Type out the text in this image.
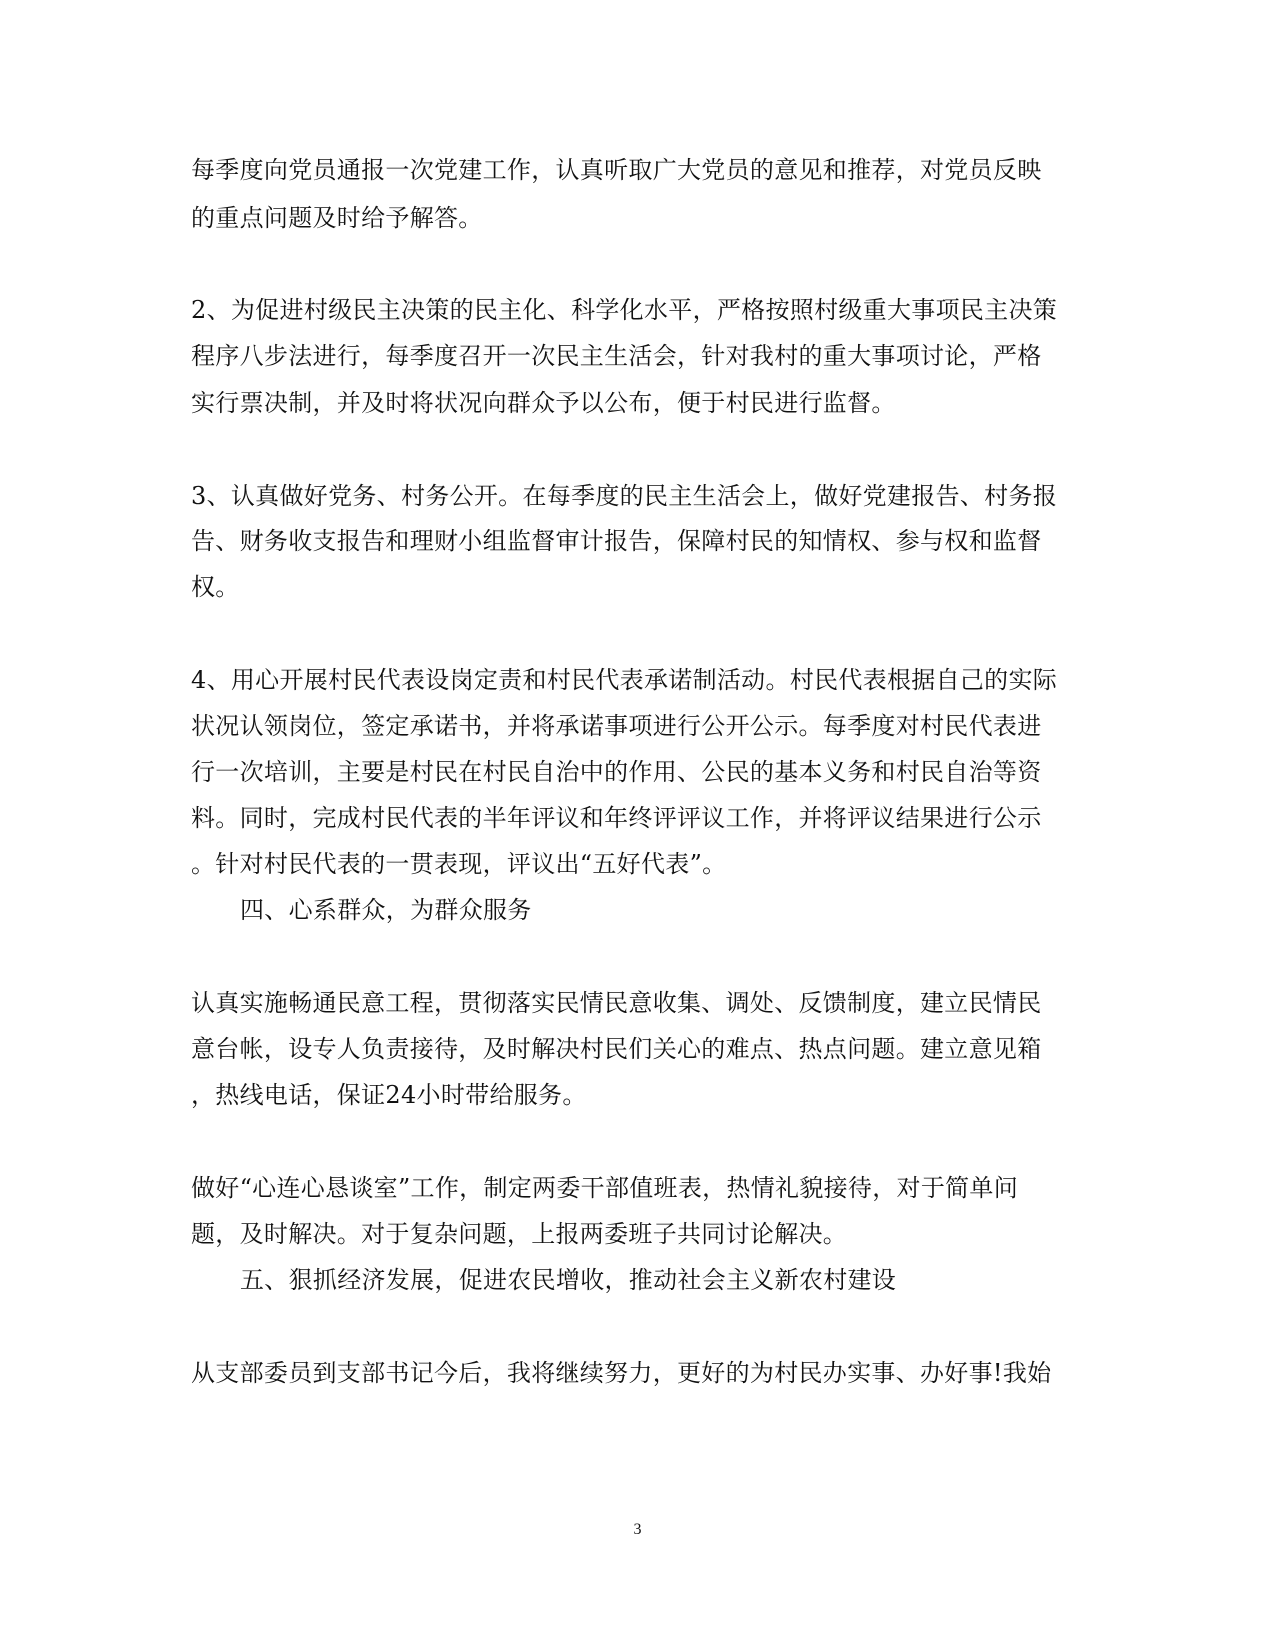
每季度向党员通报一次党建工作，认真听取广大党员的意见和推荐，对党员反映
的重点问题及时给予解答。
2、为促进村级民主决策的民主化、科学化水平，严格按照村级重大事项民主决策
程序八步法进行，每季度召开一次民主生活会，针对我村的重大事项讨论，严格
实行票决制，并及时将状况向群众予以公布，便于村民进行监督。
3、认真做好党务、村务公开。在每季度的民主生活会上，做好党建报告、村务报
告、财务收支报告和理财小组监督审计报告，保障村民的知情权、参与权和监督
权。
4、用心开展村民代表设岗定责和村民代表承诺制活动。村民代表根据自己的实际
状况认领岗位，签定承诺书，并将承诺事项进行公开公示。每季度对村民代表进
行一次培训，主要是村民在村民自治中的作用、公民的基本义务和村民自治等资
料。同时，完成村民代表的半年评议和年终评评议工作，并将评议结果进行公示
。针对村民代表的一贯表现，评议出“五好代表”。
四、心系群众，为群众服务
认真实施畅通民意工程，贯彻落实民情民意收集、调处、反馈制度，建立民情民
意台帐，设专人负责接待，及时解决村民们关心的难点、热点问题。建立意见箱
，热线电话，保证24小时带给服务。
做好“心连心恳谈室”工作，制定两委干部值班表，热情礼貌接待，对于简单问
题，及时解决。对于复杂问题，上报两委班子共同讨论解决。
五、狠抓经济发展，促进农民增收，推动社会主义新农村建设
从支部委员到支部书记今后，我将继续努力，更好的为村民办实事、办好事!我始
3
